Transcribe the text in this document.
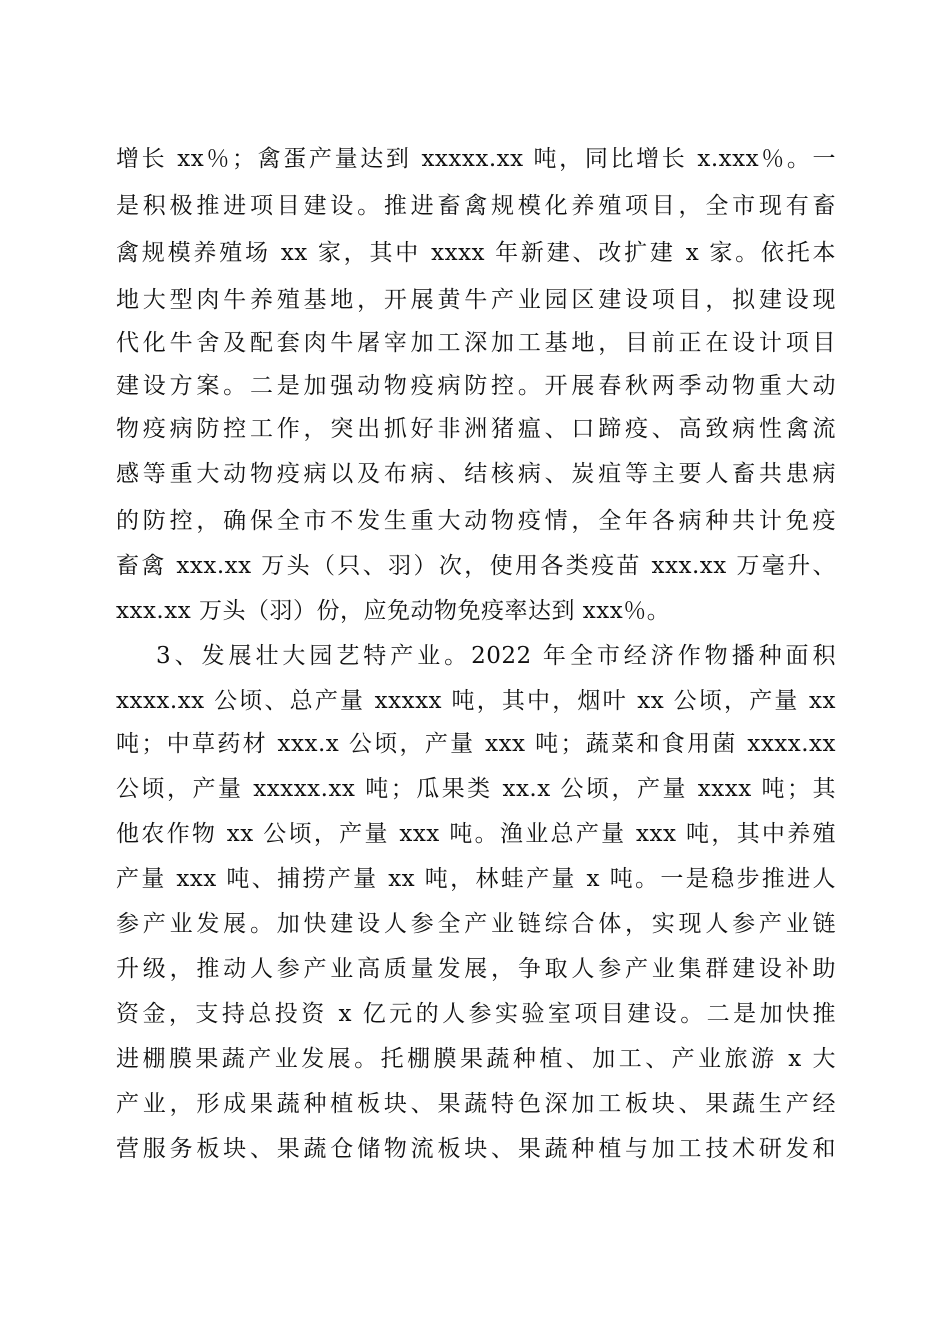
增长 xx％；禽蛋产量达到 xxxxx.xx 吨，同比增长 x.xxx％。一
是积极推进项目建设。推进畜禽规模化养殖项目，全市现有畜
禽规模养殖场 xx 家，其中 xxxx 年新建、改扩建 x 家。依托本
地大型肉牛养殖基地，开展黄牛产业园区建设项目，拟建设现
代化牛舍及配套肉牛屠宰加工深加工基地，目前正在设计项目
建设方案。二是加强动物疫病防控。开展春秋两季动物重大动
物疫病防控工作，突出抓好非洲猪瘟、口蹄疫、高致病性禽流
感等重大动物疫病以及布病、结核病、炭疽等主要人畜共患病
的防控，确保全市不发生重大动物疫情，全年各病种共计免疫
畜禽 xxx.xx 万头（只、羽）次，使用各类疫苗 xxx.xx 万毫升、
xxx.xx 万头（羽）份，应免动物免疫率达到 xxx％。
3、发展壮大园艺特产业。2022 年全市经济作物播种面积
xxxx.xx 公顷、总产量 xxxxx 吨，其中，烟叶 xx 公顷，产量 xx
吨；中草药材 xxx.x 公顷，产量 xxx 吨；蔬菜和食用菌 xxxx.xx
公顷，产量 xxxxx.xx 吨；瓜果类 xx.x 公顷，产量 xxxx 吨；其
他农作物 xx 公顷，产量 xxx 吨。渔业总产量 xxx 吨，其中养殖
产量 xxx 吨、捕捞产量 xx 吨，林蛙产量 x 吨。一是稳步推进人
参产业发展。加快建设人参全产业链综合体，实现人参产业链
升级，推动人参产业高质量发展，争取人参产业集群建设补助
资金，支持总投资 x 亿元的人参实验室项目建设。二是加快推
进棚膜果蔬产业发展。托棚膜果蔬种植、加工、产业旅游 x 大
产业，形成果蔬种植板块、果蔬特色深加工板块、果蔬生产经
营服务板块、果蔬仓储物流板块、果蔬种植与加工技术研发和
